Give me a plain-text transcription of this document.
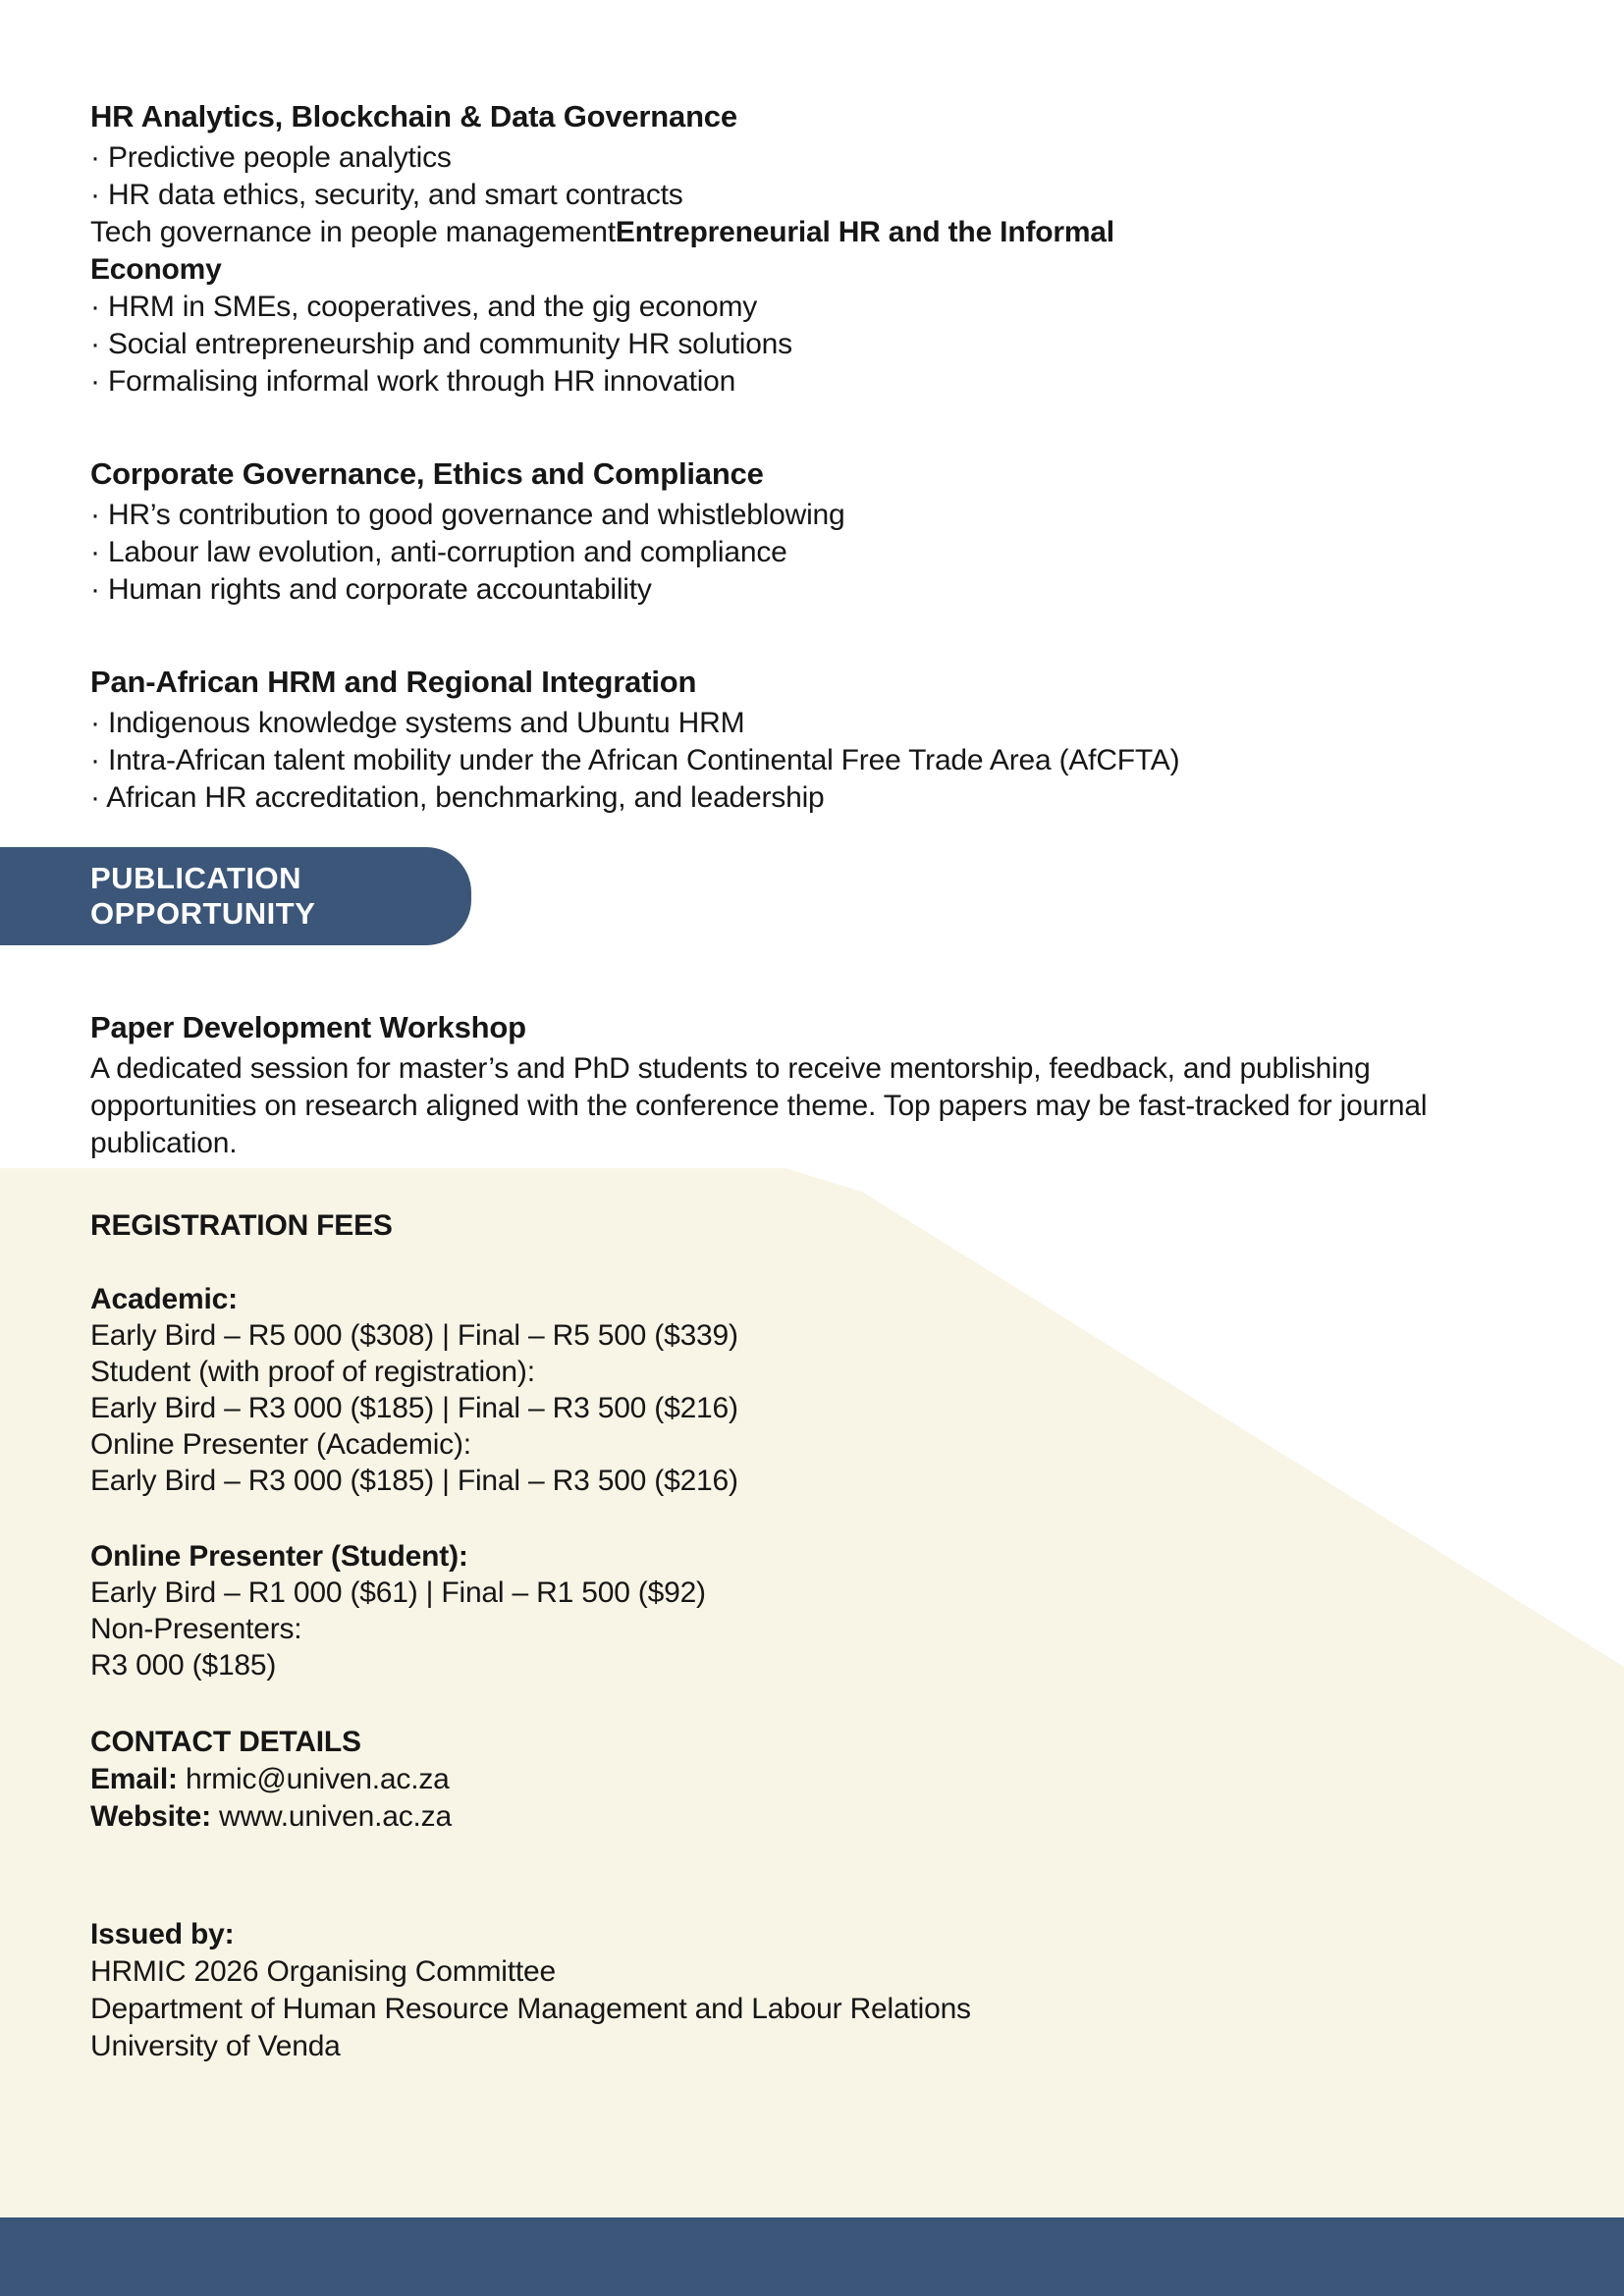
HR Analytics, Blockchain & Data Governance

· Predictive people analytics

· HR data ethics, security, and smart contracts

Tech governance in people managementEntrepreneurial HR and the Informal
Economy

· HRM in SMEs, cooperatives, and the gig economy

· Social entrepreneurship and community HR solutions

· Formalising informal work through HR innovation

Corporate Governance, Ethics and Compliance

· HR’s contribution to good governance and whistleblowing

· Labour law evolution, anti-corruption and compliance

· Human rights and corporate accountability

Pan-African HRM and Regional Integration

· Indigenous knowledge systems and Ubuntu HRM

· Intra-African talent mobility under the African Continental Free Trade Area (AfCFTA)

· African HR accreditation, benchmarking, and leadership

PUBLICATION OPPORTUNITY
Paper Development Workshop

A dedicated session for master’s and PhD students to receive mentorship, feedback, and publishing opportunities on research aligned with the conference theme. Top papers may be fast-tracked for journal publication.

REGISTRATION FEES

Academic:

Early Bird – R5 000 ($308) | Final – R5 500 ($339)

Student (with proof of registration):

Early Bird – R3 000 ($185) | Final – R3 500 ($216)

Online Presenter (Academic):

Early Bird – R3 000 ($185) | Final – R3 500 ($216)

Online Presenter (Student):

Early Bird – R1 000 ($61) | Final – R1 500 ($92)

Non-Presenters:

R3 000 ($185)

CONTACT DETAILS

Email: hrmic@univen.ac.za

Website: www.univen.ac.za

Issued by:

HRMIC 2026 Organising Committee

Department of Human Resource Management and Labour Relations

University of Venda
